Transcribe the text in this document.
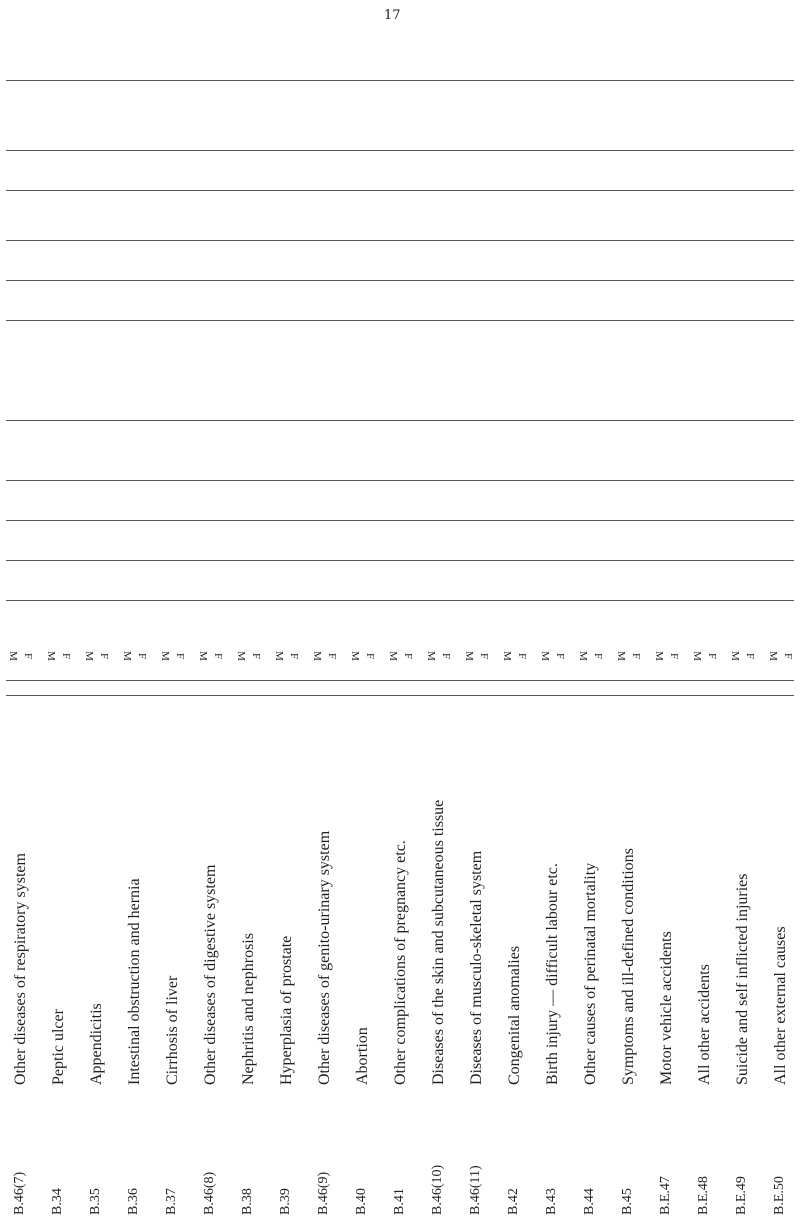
17
B.46(7)
Other diseases of respiratory system
B.34
Peptic ulcer
B.35
Appendicitis
B.36
Intestinal obstruction and hernia
B.37
Cirrhosis of liver
B.46(8)
Other diseases of digestive system
B.38
Nephritis and nephrosis
B.39
Hyperplasia of prostate
B.46(9)
Other diseases of genito-urinary system
B.40
Abortion
B.41
Other complications of pregnancy etc.
B.46(10)
Diseases of the skin and subcutaneous tissue
B.46(11)
Diseases of musculo-skeletal system
B.42
Congenital anomalies
B.43
Birth injury — difficult labour etc.
B.44
Other causes of perinatal mortality
B.45
Symptoms and ill-defined conditions
B.E.47
Motor vehicle accidents
B.E.48
All other accidents
B.E.49
Suicide and self inflicted injuries
B.E.50
All other external causes
M F M F M F M F M F M F M F M F M F M F M F M F M F M F M F M F M F M F M F M F M F
